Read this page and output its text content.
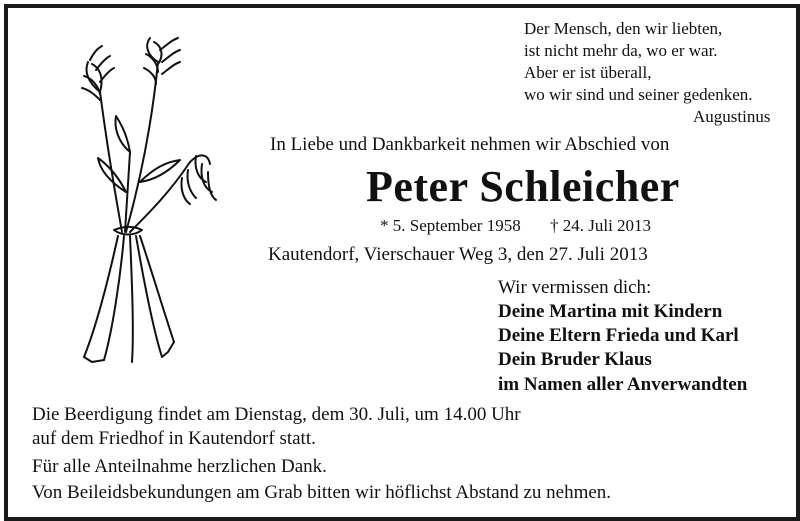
Der Mensch, den wir liebten,
ist nicht mehr da, wo er war.
Aber er ist überall,
wo wir sind und seiner gedenken.
Augustinus
In Liebe und Dankbarkeit nehmen wir Abschied von
Peter Schleicher
* 5. September 1958 † 24. Juli 2013
Kautendorf, Vierschauer Weg 3, den 27. Juli 2013
Wir vermissen dich:
Deine Martina mit Kindern
Deine Eltern Frieda und Karl
Dein Bruder Klaus
im Namen aller Anverwandten
Die Beerdigung findet am Dienstag, dem 30. Juli, um 14.00 Uhr
auf dem Friedhof in Kautendorf statt.
Für alle Anteilnahme herzlichen Dank.
Von Beileidsbekundungen am Grab bitten wir höflichst Abstand zu nehmen.
